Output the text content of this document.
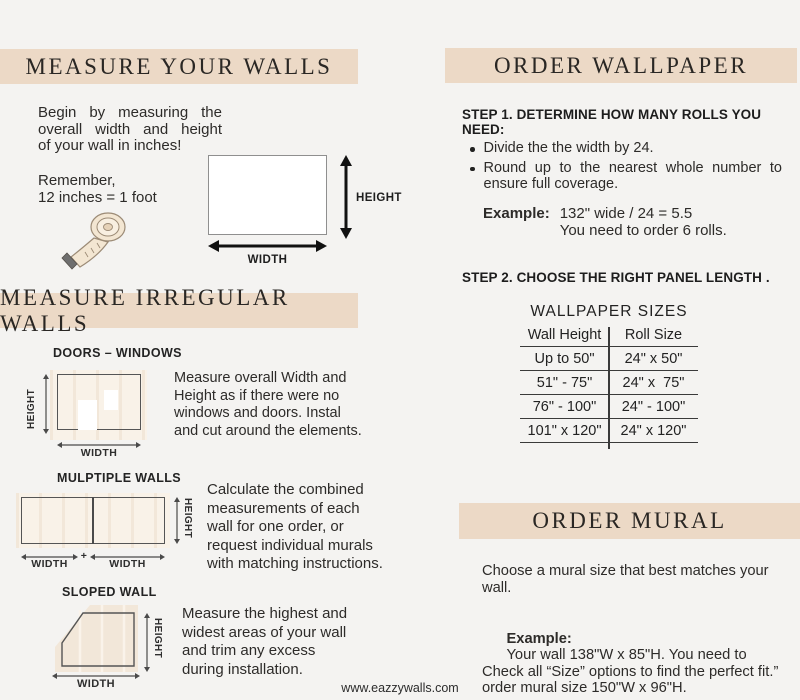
MEASURE YOUR WALLS
Begin by measuring the
overall width and height
of your wall in inches!
Remember,
12 inches = 1 foot	HEIGHT
WIDTH
MEASURE IRREGULAR WALLS
DOORS – WINDOWS
HEIGHT
WIDTH
Measure overall Width and
Height as if there were no
windows and doors. Instal
and cut around the elements.
MULPTIPLE WALLS
HEIGHT
+
WIDTH	WIDTH
Calculate the combined
measurements of each
wall for one order, or
request individual murals
with matching instructions.
SLOPED WALL
HEIGHT
WIDTH
Measure the highest and
widest areas of your wall
and trim any excess
during installation.
ORDER WALLPAPER
STEP 1. DETERMINE HOW MANY ROLLS YOU NEED:
Divide the the width by 24.
Round up to the nearest whole number to
ensure full coverage.
Example: 132" wide / 24 = 5.5
You need to order 6 rolls.
STEP 2. CHOOSE THE RIGHT PANEL LENGTH .
WALLPAPER SIZES
Wall Height	Roll Size
Up to 50"	24" x 50"
51" - 75"	24" x  75"
76" - 100"	24" - 100"
101" x 120"	24" x 120"
ORDER MURAL
Choose a mural size that best matches your
wall.

Example:
Your wall 138"W x 85"H. You need to

order mural size 150"W x 96"H.
Check all “Size” options to find the perfect fit.”
www.eazzywalls.com
